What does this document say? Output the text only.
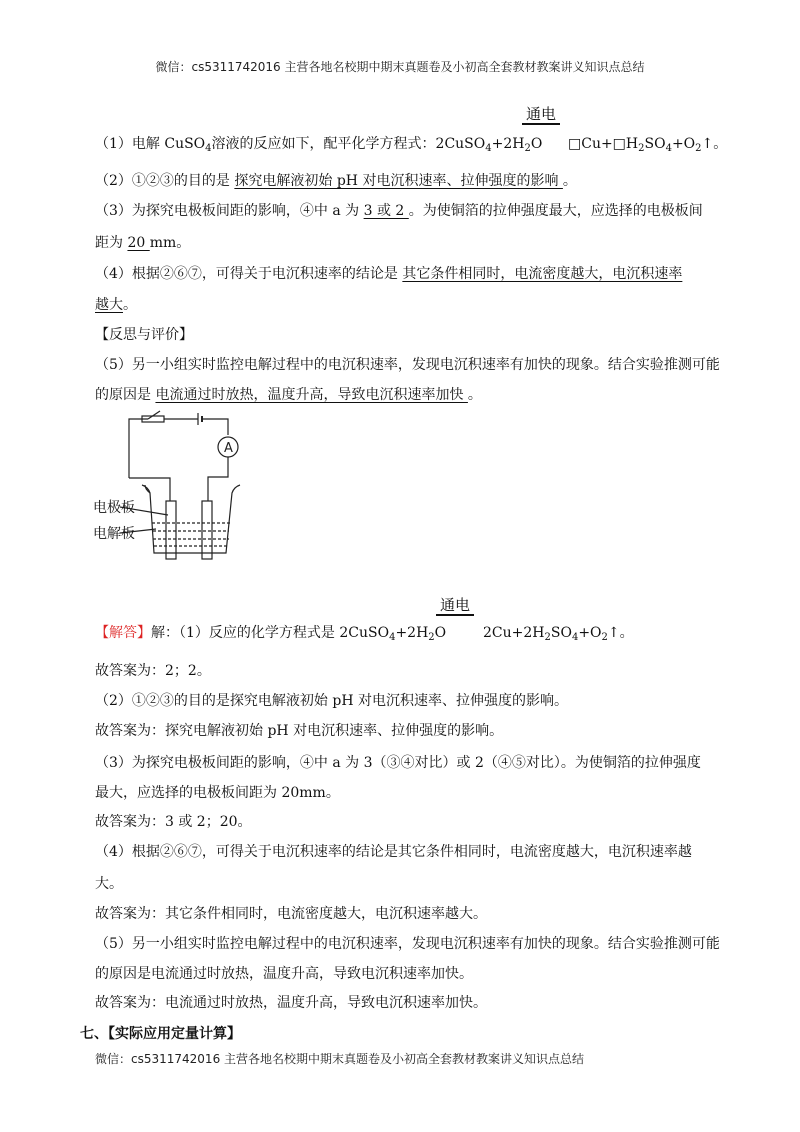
微信：cs5311742016 主营各地名校期中期末真题卷及小初高全套教材教案讲义知识点总结
通电
（1）电解 CuSO$_4$溶液的反应如下，配平化学方程式：$2CuSO_4+2H_2O$ $□Cu+□H_2SO_4+O_2↑$。
（2）①②③的目的是 探究电解液初始 pH 对电沉积速率、拉伸强度的影响 。
（3）为探究电极板间距的影响，④中 a 为 3 或 2 。为使铜箔的拉伸强度最大，应选择的电极板间
距为 20 mm。
（4）根据②⑥⑦，可得关于电沉积速率的结论是 其它条件相同时，电流密度越大，电沉积速率
越大。
【反思与评价】
（5）另一小组实时监控电解过程中的电沉积速率，发现电沉积速率有加快的现象。结合实验推测可能
的原因是 电流通过时放热，温度升高，导致电沉积速率加快 。
A
电极板
电解板
通电
【解答】解：（1）反应的化学方程式是 $2CuSO_4+2H_2O$	$2Cu+2H_2SO_4+O_2↑$。
故答案为：2；2。
（2）①②③的目的是探究电解液初始 pH 对电沉积速率、拉伸强度的影响。
故答案为：探究电解液初始 pH 对电沉积速率、拉伸强度的影响。
（3）为探究电极板间距的影响，④中 a 为 3（③④对比）或 2（④⑤对比）。为使铜箔的拉伸强度
最大，应选择的电极板间距为 20mm。
故答案为：3 或 2；20。
（4）根据②⑥⑦，可得关于电沉积速率的结论是其它条件相同时，电流密度越大，电沉积速率越
大。
故答案为：其它条件相同时，电流密度越大，电沉积速率越大。
（5）另一小组实时监控电解过程中的电沉积速率，发现电沉积速率有加快的现象。结合实验推测可能
的原因是电流通过时放热，温度升高，导致电沉积速率加快。
故答案为：电流通过时放热，温度升高，导致电沉积速率加快。
七、【实际应用定量计算】
微信：cs5311742016 主营各地名校期中期末真题卷及小初高全套教材教案讲义知识点总结
